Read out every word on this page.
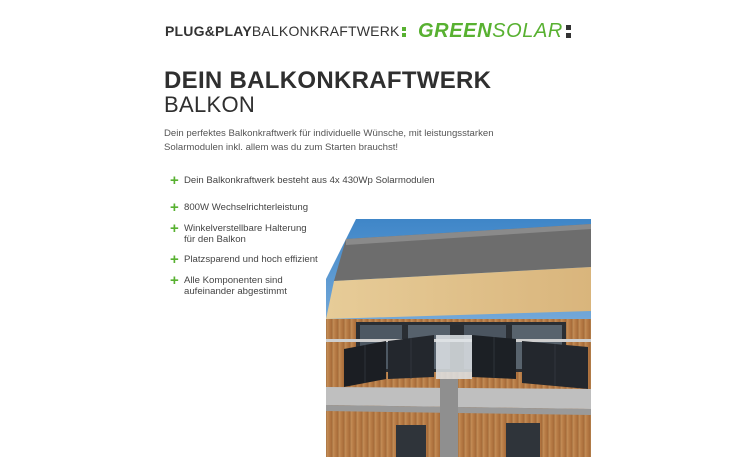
PLUG&PLAYBALKONKRAFTWERK GREENSOLAR
DEIN BALKONKRAFTWERK
BALKON
Dein perfektes Balkonkraftwerk für individuelle Wünsche, mit leistungsstarken
Solarmodulen inkl. allem was du zum Starten brauchst!
+ Dein Balkonkraftwerk besteht aus 4x 430Wp Solarmodulen
+ 800W Wechselrichterleistung
+ Winkelverstellbare Halterung
für den Balkon
+ Platzsparend und hoch effizient
+ Alle Komponenten sind
aufeinander abgestimmt
